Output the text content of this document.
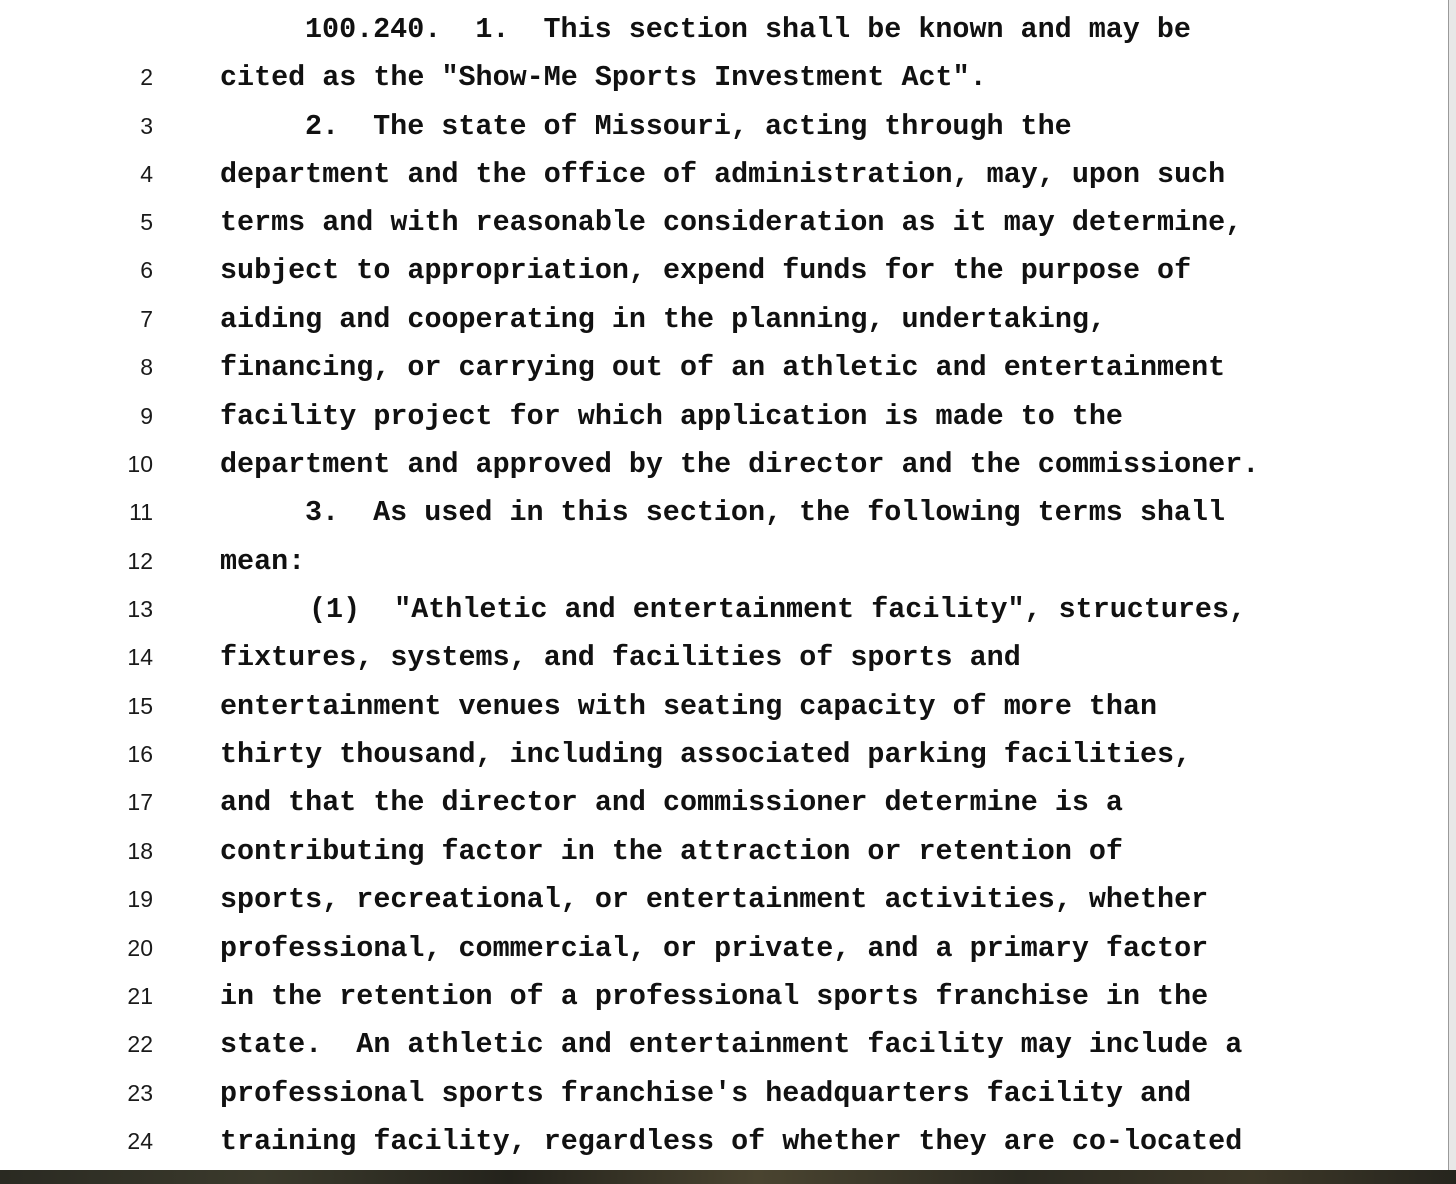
100.240.  1.  This section shall be known and may be
2 cited as the "Show-Me Sports Investment Act".
3	2.  The state of Missouri, acting through the
4 department and the office of administration, may, upon such
5 terms and with reasonable consideration as it may determine,
6 subject to appropriation, expend funds for the purpose of
7 aiding and cooperating in the planning, undertaking,
8 financing, or carrying out of an athletic and entertainment
9 facility project for which application is made to the
10 department and approved by the director and the commissioner.
11	3.  As used in this section, the following terms shall
12 mean:
13	(1)  "Athletic and entertainment facility", structures,
14 fixtures, systems, and facilities of sports and
15 entertainment venues with seating capacity of more than
16 thirty thousand, including associated parking facilities,
17 and that the director and commissioner determine is a
18 contributing factor in the attraction or retention of
19 sports, recreational, or entertainment activities, whether
20 professional, commercial, or private, and a primary factor
21 in the retention of a professional sports franchise in the
22 state.  An athletic and entertainment facility may include a
23 professional sports franchise's headquarters facility and
24 training facility, regardless of whether they are co-located
